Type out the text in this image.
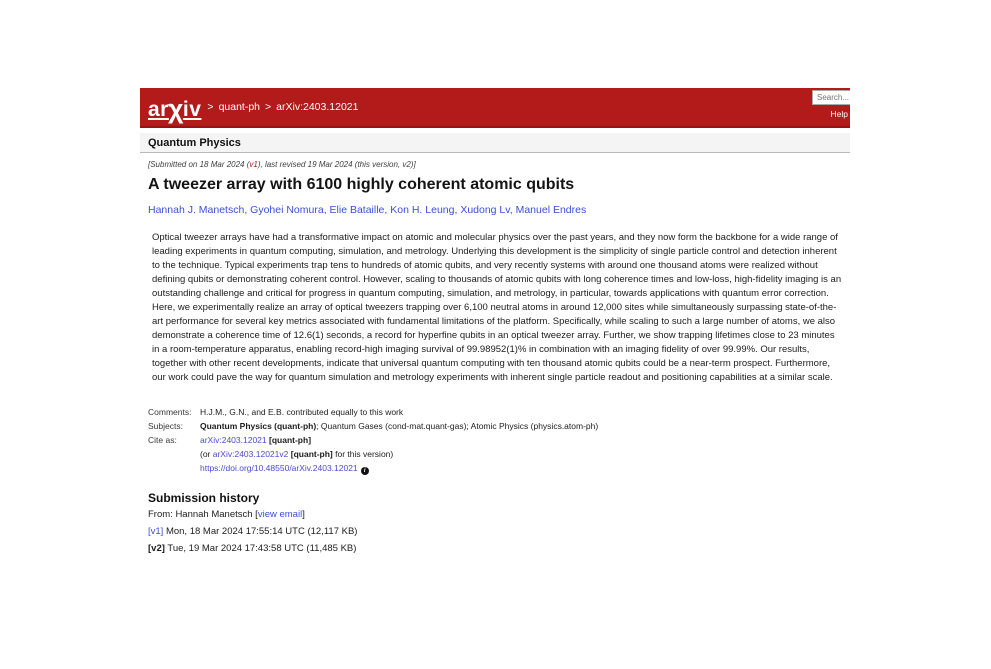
ar χ iv > quant-ph > arXiv:2403.12021
Search...
Help
Quantum Physics
[Submitted on 18 Mar 2024 (v1), last revised 19 Mar 2024 (this version, v2)]
A tweezer array with 6100 highly coherent atomic qubits
Hannah J. Manetsch , Gyohei Nomura , Elie Bataille , Kon H. Leung , Xudong Lv , Manuel Endres

Optical tweezer arrays have had a transformative impact on atomic and molecular physics over the past years, and they now form the backbone for a wide range of leading experiments in quantum computing, simulation, and metrology. Underlying this development is the simplicity of single particle control and detection inherent to the technique. Typical experiments trap tens to hundreds of atomic qubits, and very recently systems with around one thousand atoms were realized without defining qubits or demonstrating coherent control. However, scaling to thousands of atomic qubits with long coherence times and low-loss, high-fidelity imaging is an outstanding challenge and critical for progress in quantum computing, simulation, and metrology, in particular, towards applications with quantum error correction. Here, we experimentally realize an array of optical tweezers trapping over 6,100 neutral atoms in around 12,000 sites while simultaneously surpassing state-of-the-art performance for several key metrics associated with fundamental limitations of the platform. Specifically, while scaling to such a large number of atoms, we also demonstrate a coherence time of 12.6(1) seconds, a record for hyperfine qubits in an optical tweezer array. Further, we show trapping lifetimes close to 23 minutes in a room-temperature apparatus, enabling record-high imaging survival of 99.98952(1)% in combination with an imaging fidelity of over 99.99%. Our results, together with other recent developments, indicate that universal quantum computing with ten thousand atomic qubits could be a near-term prospect. Furthermore, our work could pave the way for quantum simulation and metrology experiments with inherent single particle readout and positioning capabilities at a similar scale.

Comments:	H.J.M., G.N., and E.B. contributed equally to this work
Subjects:	Quantum Physics (quant-ph); Quantum Gases (cond-mat.quant-gas); Atomic Physics (physics.atom-ph)
Cite as:	arXiv:2403.12021 [quant-ph]
(or arXiv:2403.12021v2 [quant-ph] for this version)
https://doi.org/10.48550/arXiv.2403.12021 i
Submission history
From: Hannah Manetsch [view email]
[v1] Mon, 18 Mar 2024 17:55:14 UTC (12,117 KB)
[v2] Tue, 19 Mar 2024 17:43:58 UTC (11,485 KB)
